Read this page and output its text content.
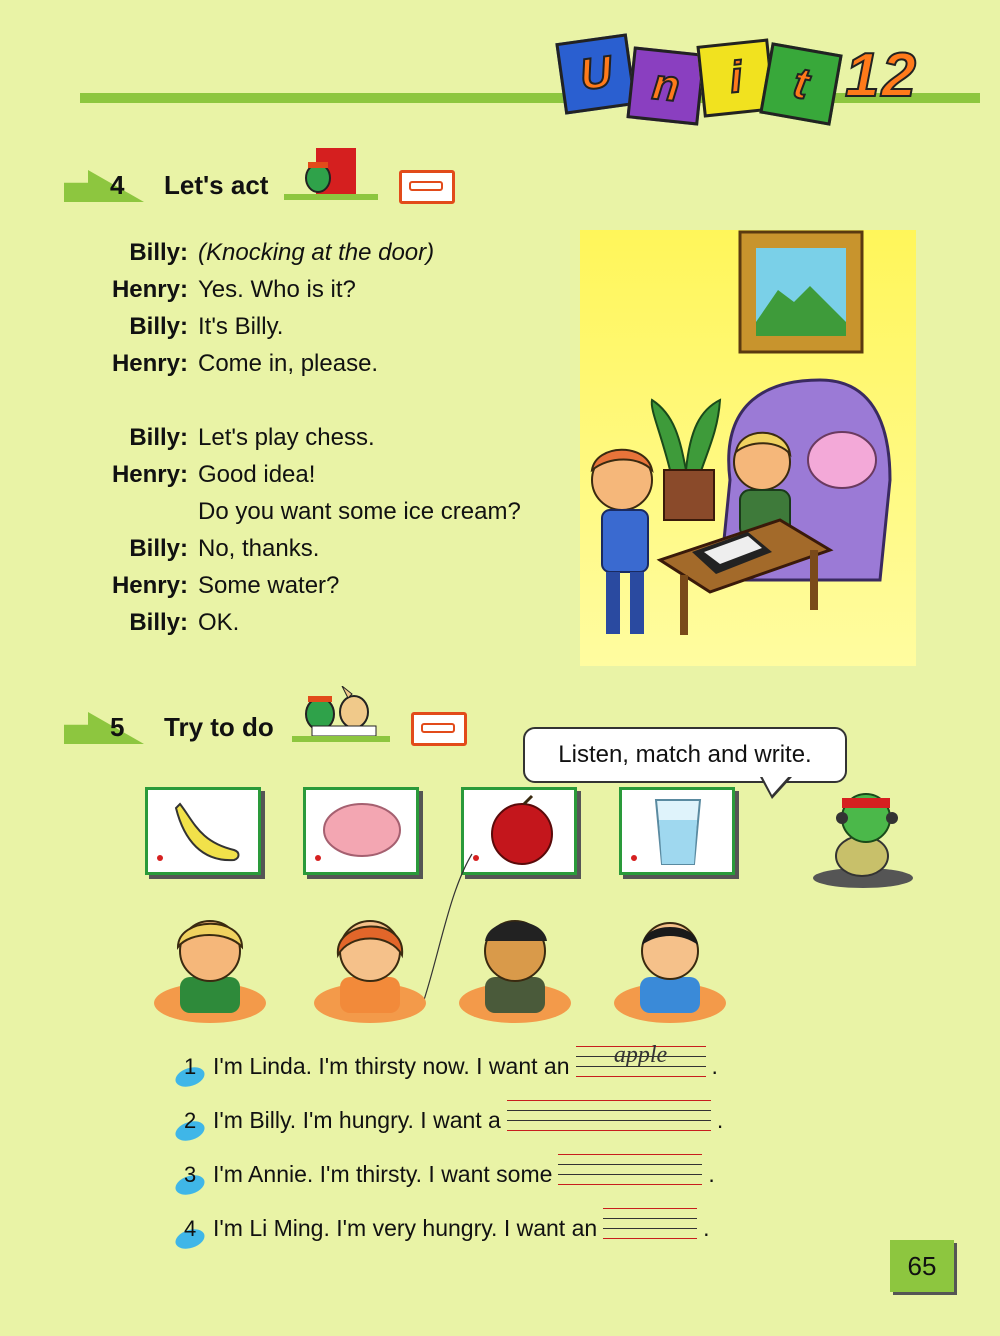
U n	i	t 12
4 Let's act
Billy: (Knocking at the door)
Henry: Yes. Who is it?
Billy: It's Billy.
Henry: Come in, please.
Billy: Let's play chess.
Henry: Good idea!
Do you want some ice cream?
Billy: No, thanks.
Henry: Some water?
Billy: OK.
5 Try to do
Listen, match and write.
1 I'm Linda. I'm thirsty now. I want an	apple	.
2 I'm Billy. I'm hungry. I want a	.
3 I'm Annie. I'm thirsty. I want some	.
4 I'm Li Ming. I'm very hungry. I want an	.
65
